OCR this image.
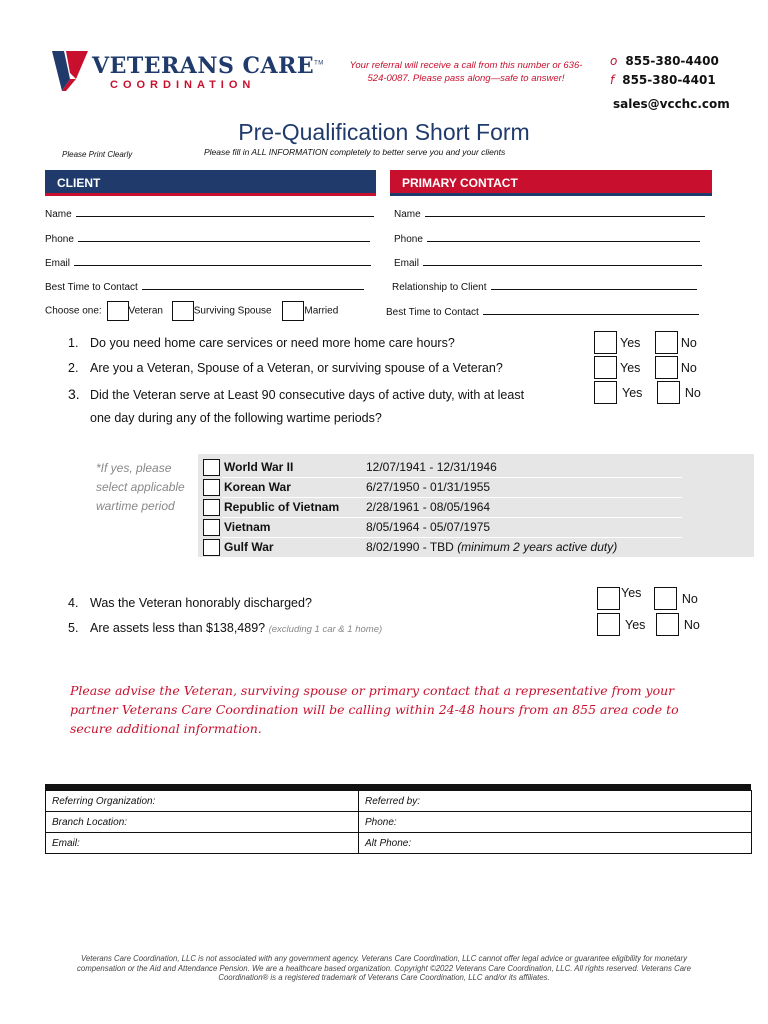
VETERANS CARE™
COORDINATION
Your referral will receive a call from this number or 636-524-0087. Please pass along—safe to answer!
o 855-380-4400
f 855-380-4401
sales@vcchc.com
Pre-Qualification Short Form
Please Print Clearly	Please fill in ALL INFORMATION completely to better serve you and your clients
CLIENT	PRIMARY CONTACT
Name
Phone
Email
Best Time to Contact
Choose one:	Veteran	Surviving Spouse	Married
Name
Phone
Email
Relationship to Client
Best Time to Contact
1. Do you need home care services or need more home care hours?
2. Are you a Veteran, Spouse of a Veteran, or surviving spouse of a Veteran?
3. Did the Veteran serve at Least 90 consecutive days of active duty, with at least
one day during any of the following wartime periods?
Yes	No
Yes	No
Yes	No
*If yes, please select applicable wartime period
World War II	12/07/1941 - 12/31/1946
Korean War	6/27/1950 - 01/31/1955
Republic of Vietnam 2/28/1961 - 08/05/1964
Vietnam	8/05/1964 - 05/07/1975
Gulf War	8/02/1990 - TBD (minimum 2 years active duty)
4. Was the Veteran honorably discharged?
5. Are assets less than $138,489? (excluding 1 car & 1 home)
$^{Yes}$	No
Yes	No
Please advise the Veteran, surviving spouse or primary contact that a representative from your partner Veterans Care Coordination will be calling within 24-48 hours from an 855 area code to secure additional information.
Referring Organization:	Referred by:
Branch Location:	Phone:
Email:	Alt Phone:
Veterans Care Coordination, LLC is not associated with any government agency. Veterans Care Coordination, LLC cannot offer legal advice or guarantee eligibility for monetary compensation or the Aid and Attendance Pension. We are a healthcare based organization. Copyright ©2022 Veterans Care Coordination, LLC. All rights reserved. Veterans Care Coordination® is a registered trademark of Veterans Care Coordination, LLC and/or its affiliates.
